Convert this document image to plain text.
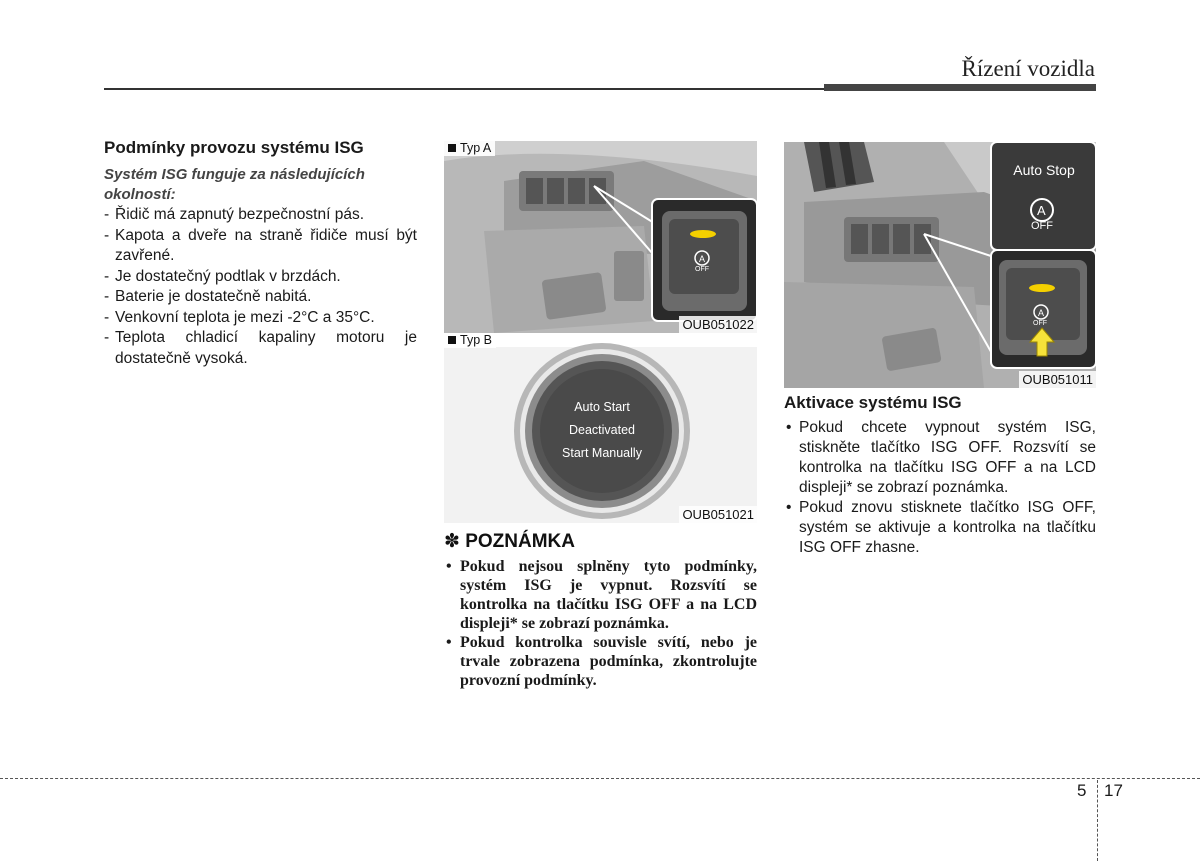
Řízení vozidla
Podmínky provozu systému ISG
Systém ISG funguje za následujících okolností:
- Řidič má zapnutý bezpečnostní pás.
- Kapota a dveře na straně řidiče musí být zavřené.
- Je dostatečný podtlak v brzdách.
- Baterie je dostatečně nabitá.
- Venkovní teplota je mezi -2°C a 35°C.
- Teplota chladicí kapaliny motoru je dostatečně vysoká.
A
OFF
Typ A
OUB051022
Auto Start
Deactivated
Start Manually
Typ B
OUB051021
✽ POZNÁMKA
• Pokud nejsou splněny tyto podmínky, systém ISG je vypnut. Rozsvítí se kontrolka na tlačítku ISG OFF a na LCD displeji* se zobrazí poznámka.
• Pokud kontrolka souvisle svítí, nebo je trvale zobrazena podmínka, zkontrolujte provozní podmínky.
A
A
Auto Stop
OFF
OFF
OUB051011
Aktivace systému ISG
• Pokud chcete vypnout systém ISG, stiskněte tlačítko ISG OFF. Rozsvítí se kontrolka na tlačítku ISG OFF a na LCD displeji* se zobrazí poznámka.
• Pokud znovu stisknete tlačítko ISG OFF, systém se aktivuje a kontrolka na tlačítku ISG OFF zhasne.
5 17
